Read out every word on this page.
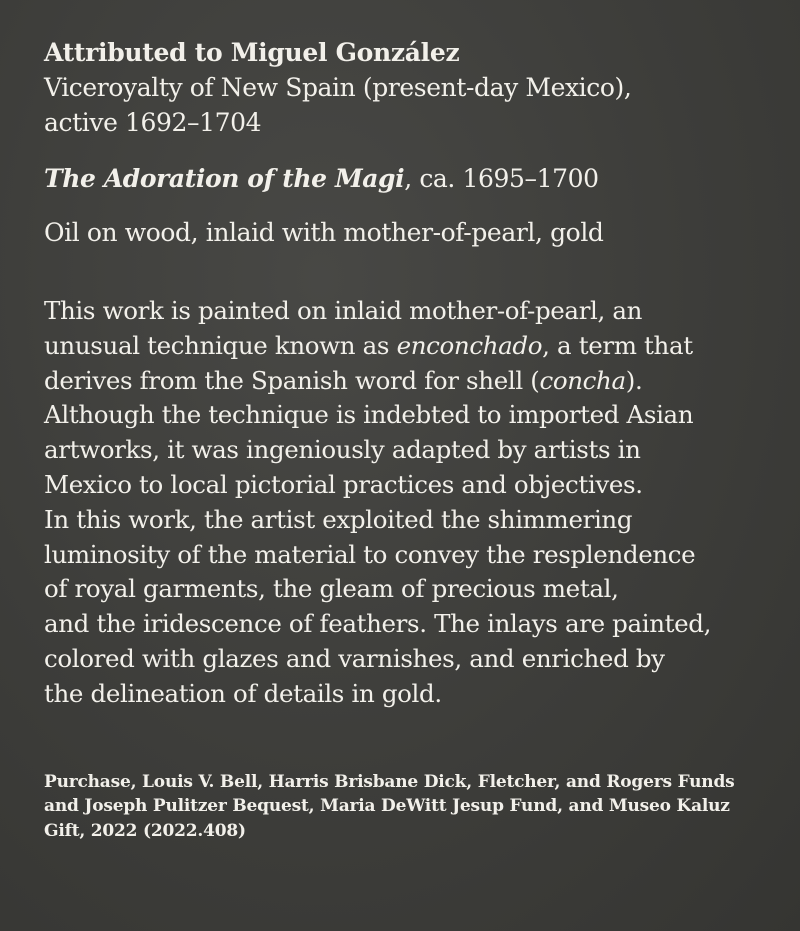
Attributed to Miguel González

Viceroyalty of New Spain (present-day Mexico),
active 1692–1704

The Adoration of the Magi, ca. 1695–1700

Oil on wood, inlaid with mother-of-pearl, gold

This work is painted on inlaid mother-of-pearl, an
unusual technique known as enconchado, a term that
derives from the Spanish word for shell (concha).
Although the technique is indebted to imported Asian
artworks, it was ingeniously adapted by artists in
Mexico to local pictorial practices and objectives.
In this work, the artist exploited the shimmering
luminosity of the material to convey the resplendence
of royal garments, the gleam of precious metal,
and the iridescence of feathers. The inlays are painted,
colored with glazes and varnishes, and enriched by
the delineation of details in gold.

Purchase, Louis V. Bell, Harris Brisbane Dick, Fletcher, and Rogers Funds
and Joseph Pulitzer Bequest, Maria DeWitt Jesup Fund, and Museo Kaluz
Gift, 2022 (2022.408)
